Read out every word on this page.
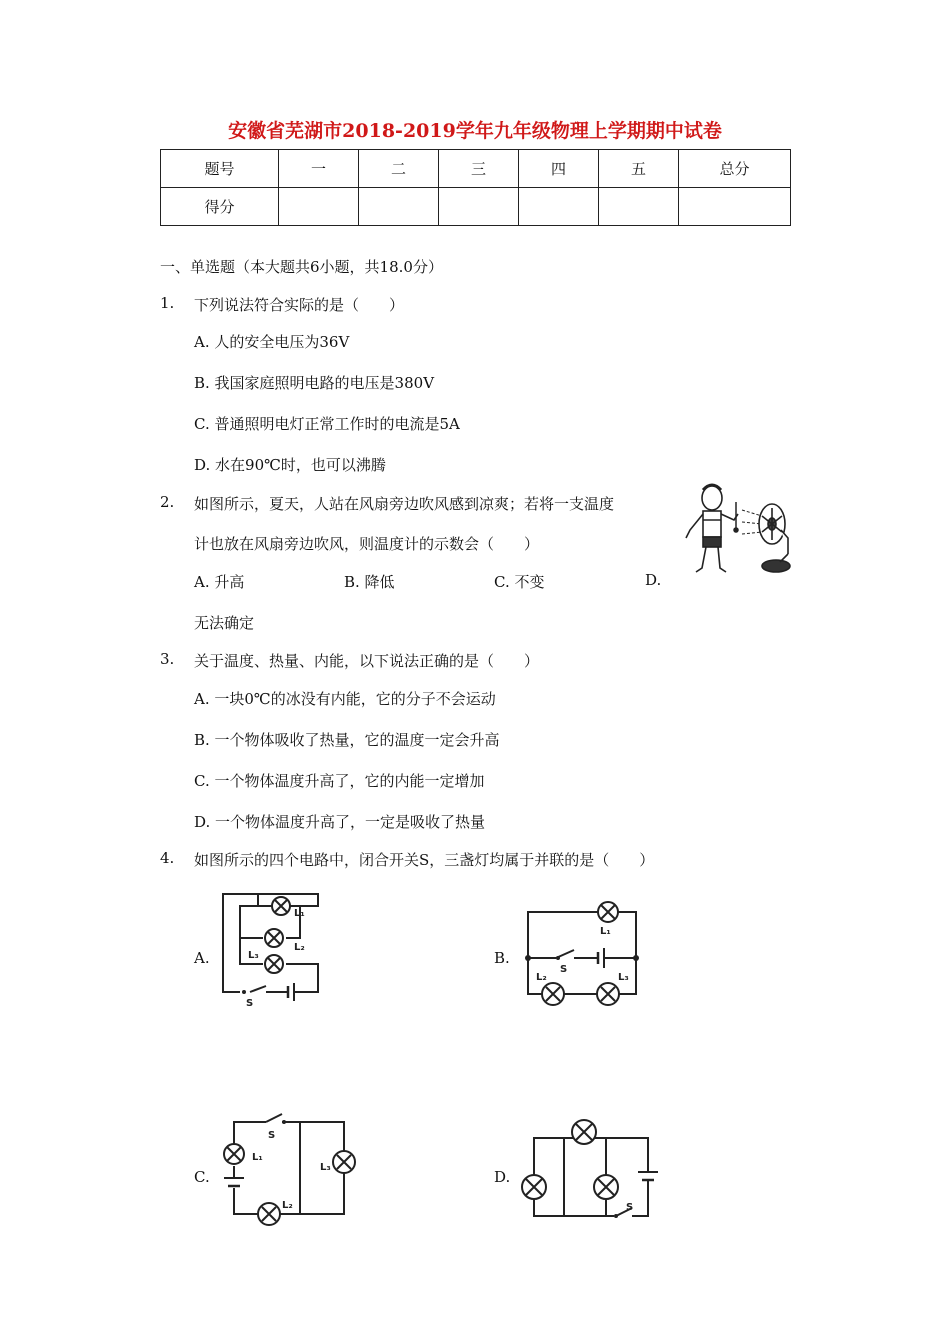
安徽省芜湖市2018-2019学年九年级物理上学期期中试卷
题号	一	二	三	四	五	总分
得分						
一、单选题（本大题共6小题，共18.0分）
1. 下列说法符合实际的是（　　）
A. 人的安全电压为36V
B. 我国家庭照明电路的电压是380V
C. 普通照明电灯正常工作时的电流是5A
D. 水在90℃时，也可以沸腾
2. 如图所示，夏天，人站在风扇旁边吹风感到凉爽；若将一支温度
计也放在风扇旁边吹风，则温度计的示数会（　　）
A. 升高	B. 降低	C. 不变	D.
无法确定
3. 关于温度、热量、内能，以下说法正确的是（　　）
A. 一块0℃的冰没有内能，它的分子不会运动
B. 一个物体吸收了热量，它的温度一定会升高
C. 一个物体温度升高了，它的内能一定增加
D. 一个物体温度升高了，一定是吸收了热量
4. 如图所示的四个电路中，闭合开关S，三盏灯均属于并联的是（　　）
A.	B.
C.	D.
L₁
L₂
L₃
S
L₁
L₂	L₃
S
L₁
L₂
L₃
S
S
